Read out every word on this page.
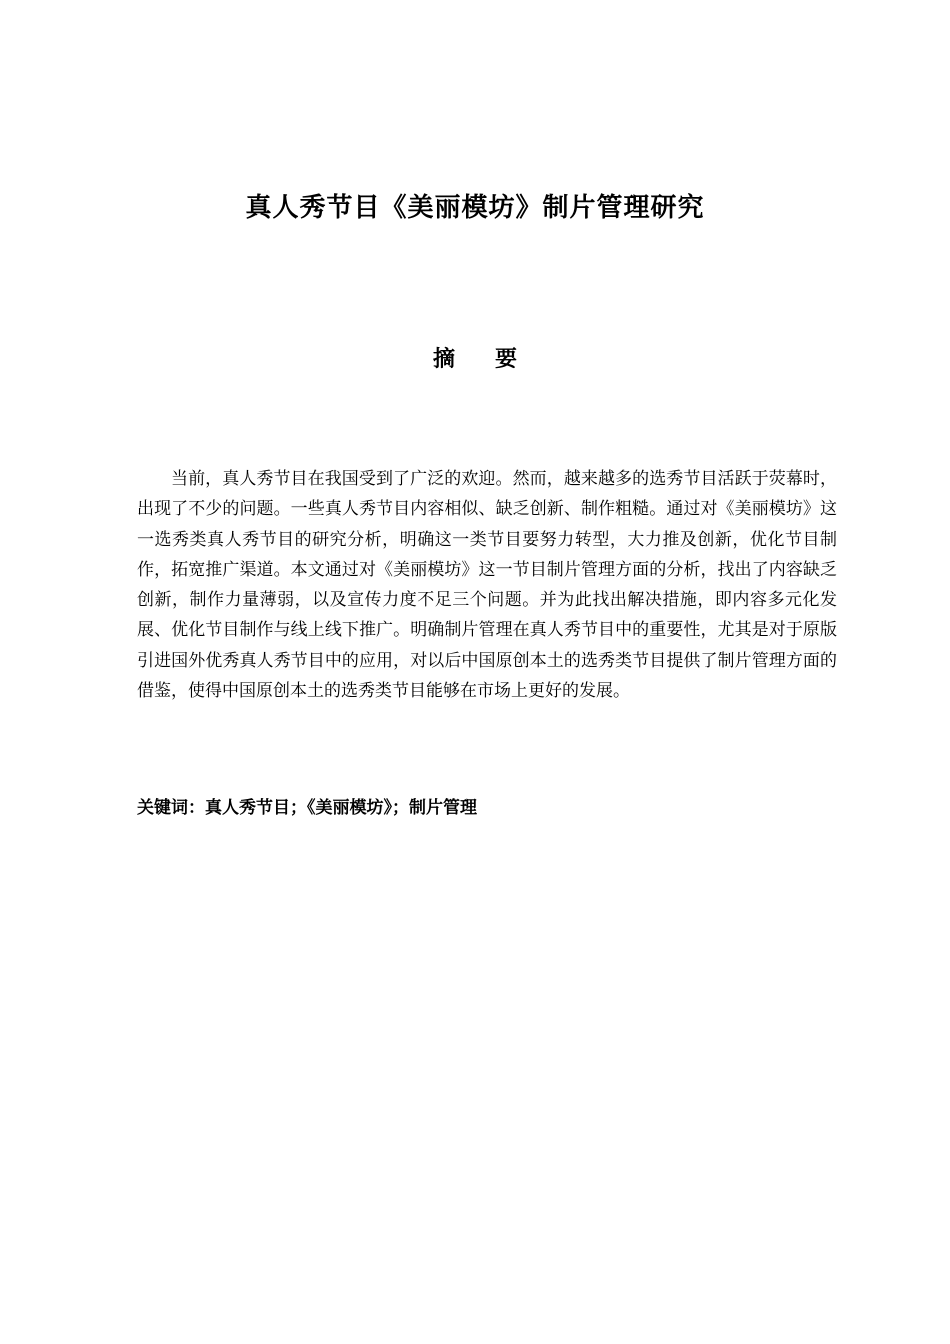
真人秀节目《美丽模坊》制片管理研究
摘 要

当前，真人秀节目在我国受到了广泛的欢迎。然而，越来越多的选秀节目活跃于荧幕时，出现了不少的问题。一些真人秀节目内容相似、缺乏创新、制作粗糙。通过对《美丽模坊》这一选秀类真人秀节目的研究分析，明确这一类节目要努力转型，大力推及创新，优化节目制作，拓宽推广渠道。本文通过对《美丽模坊》这一节目制片管理方面的分析，找出了内容缺乏创新，制作力量薄弱，以及宣传力度不足三个问题。并为此找出解决措施，即内容多元化发展、优化节目制作与线上线下推广。明确制片管理在真人秀节目中的重要性，尤其是对于原版引进国外优秀真人秀节目中的应用，对以后中国原创本土的选秀类节目提供了制片管理方面的借鉴，使得中国原创本土的选秀类节目能够在市场上更好的发展。

关键词：真人秀节目；《美丽模坊》；制片管理
